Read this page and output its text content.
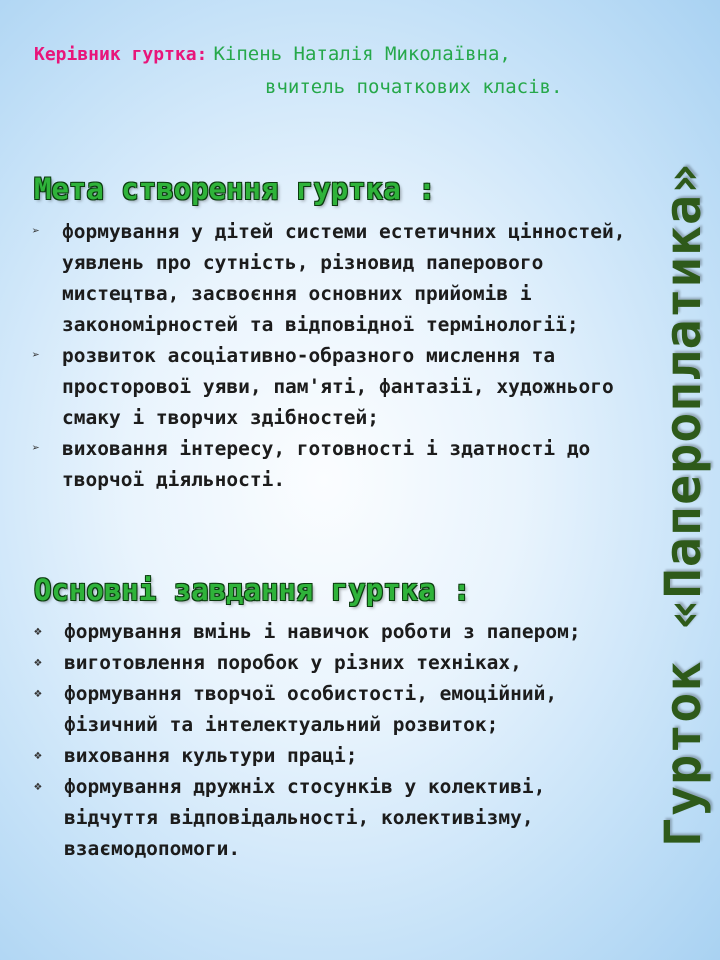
Керівник гуртка: Кіпень Наталія Миколаївна,
вчитель початкових класів.
Мета створення гуртка :
➢ формування у дітей системи естетичних цінностей, уявлень про сутність, різновид паперового мистецтва, засвоєння основних прийомів і закономірностей та відповідної термінології;
➢ розвиток асоціативно-образного мислення та просторової уяви, пам'яті, фантазії, художнього смаку і творчих здібностей;
➢ виховання інтересу, готовності і здатності до творчої діяльності.
Основні завдання гуртка :
❖ формування вмінь і навичок роботи з папером;
❖ виготовлення поробок у різних техніках,
❖ формування творчої особистості, емоційний, фізичний та інтелектуальний розвиток;
❖ виховання культури праці;
❖ формування дружніх стосунків у колективі, відчуття відповідальності, колективізму, взаємодопомоги.
Гурток «Папероплатика»
